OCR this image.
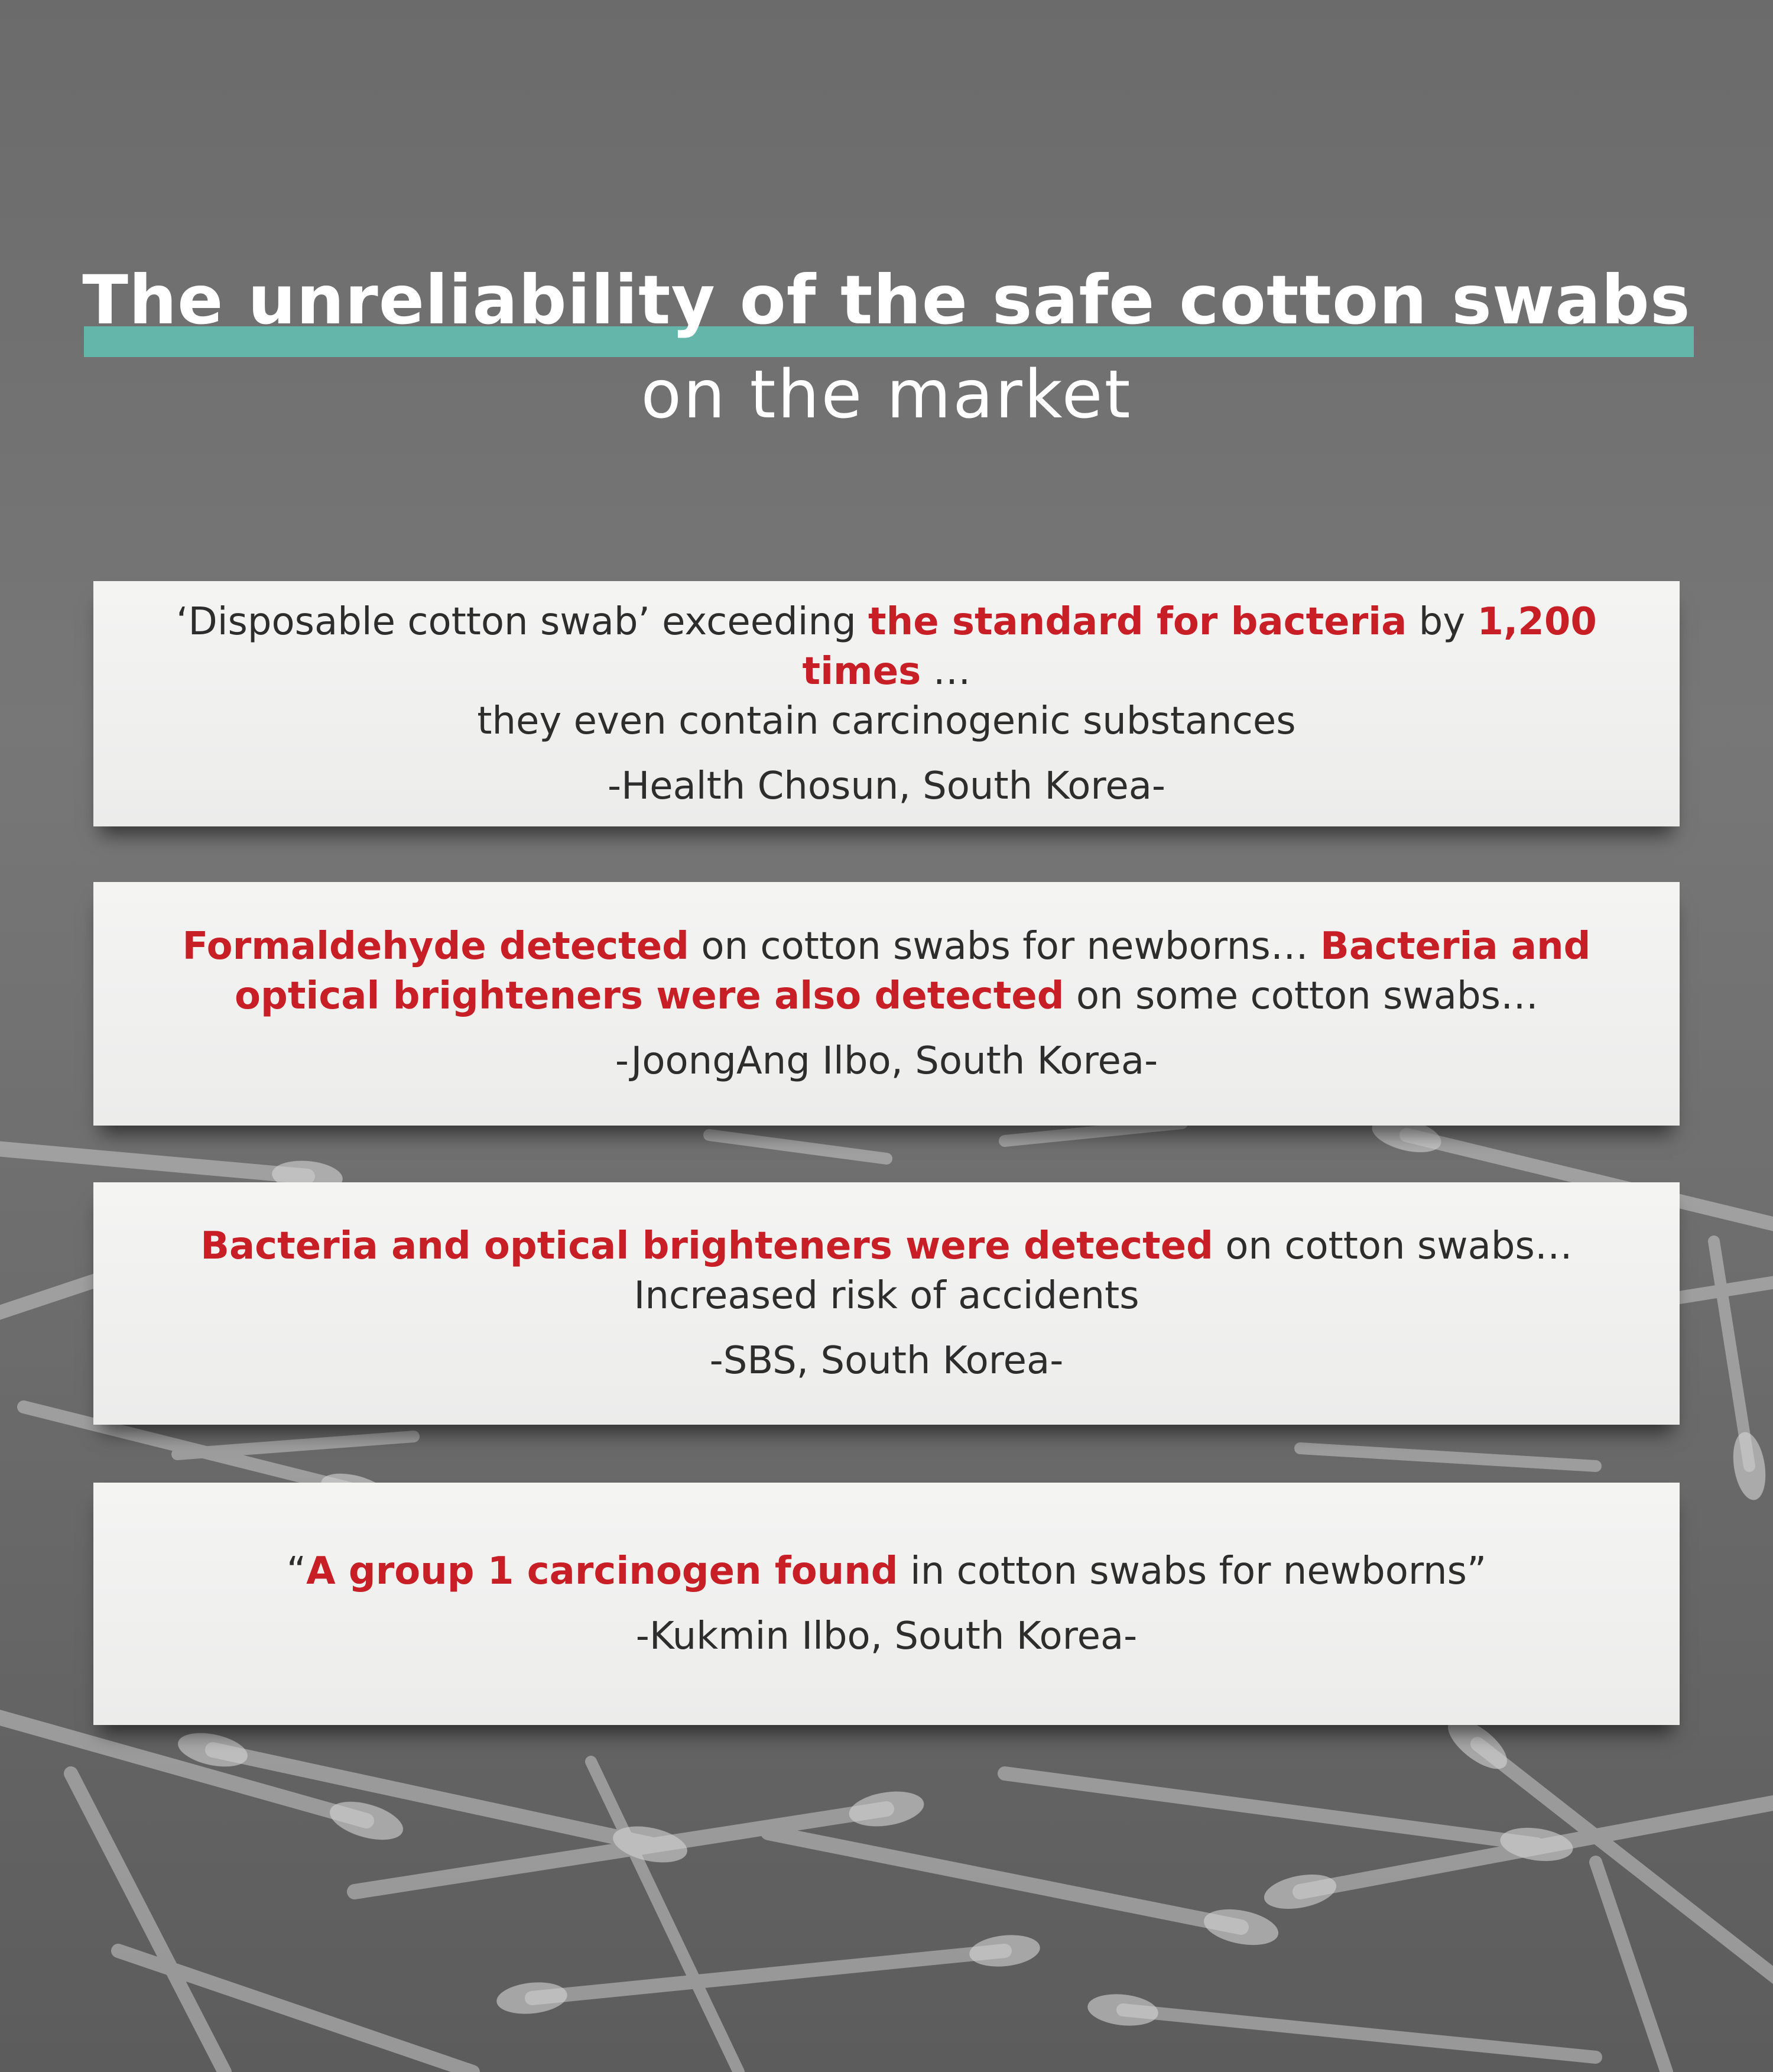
The unreliability of the safe cotton swabs
on the market
‘Disposable cotton swab’ exceeding the standard for bacteria by 1,200 times …
they even contain carcinogenic substances
-Health Chosun, South Korea-
Formaldehyde detected on cotton swabs for newborns… Bacteria and
optical brighteners were also detected on some cotton swabs…
-JoongAng Ilbo, South Korea-
Bacteria and optical brighteners were detected on cotton swabs…
Increased risk of accidents
-SBS, South Korea-
“A group 1 carcinogen found in cotton swabs for newborns”
-Kukmin Ilbo, South Korea-
